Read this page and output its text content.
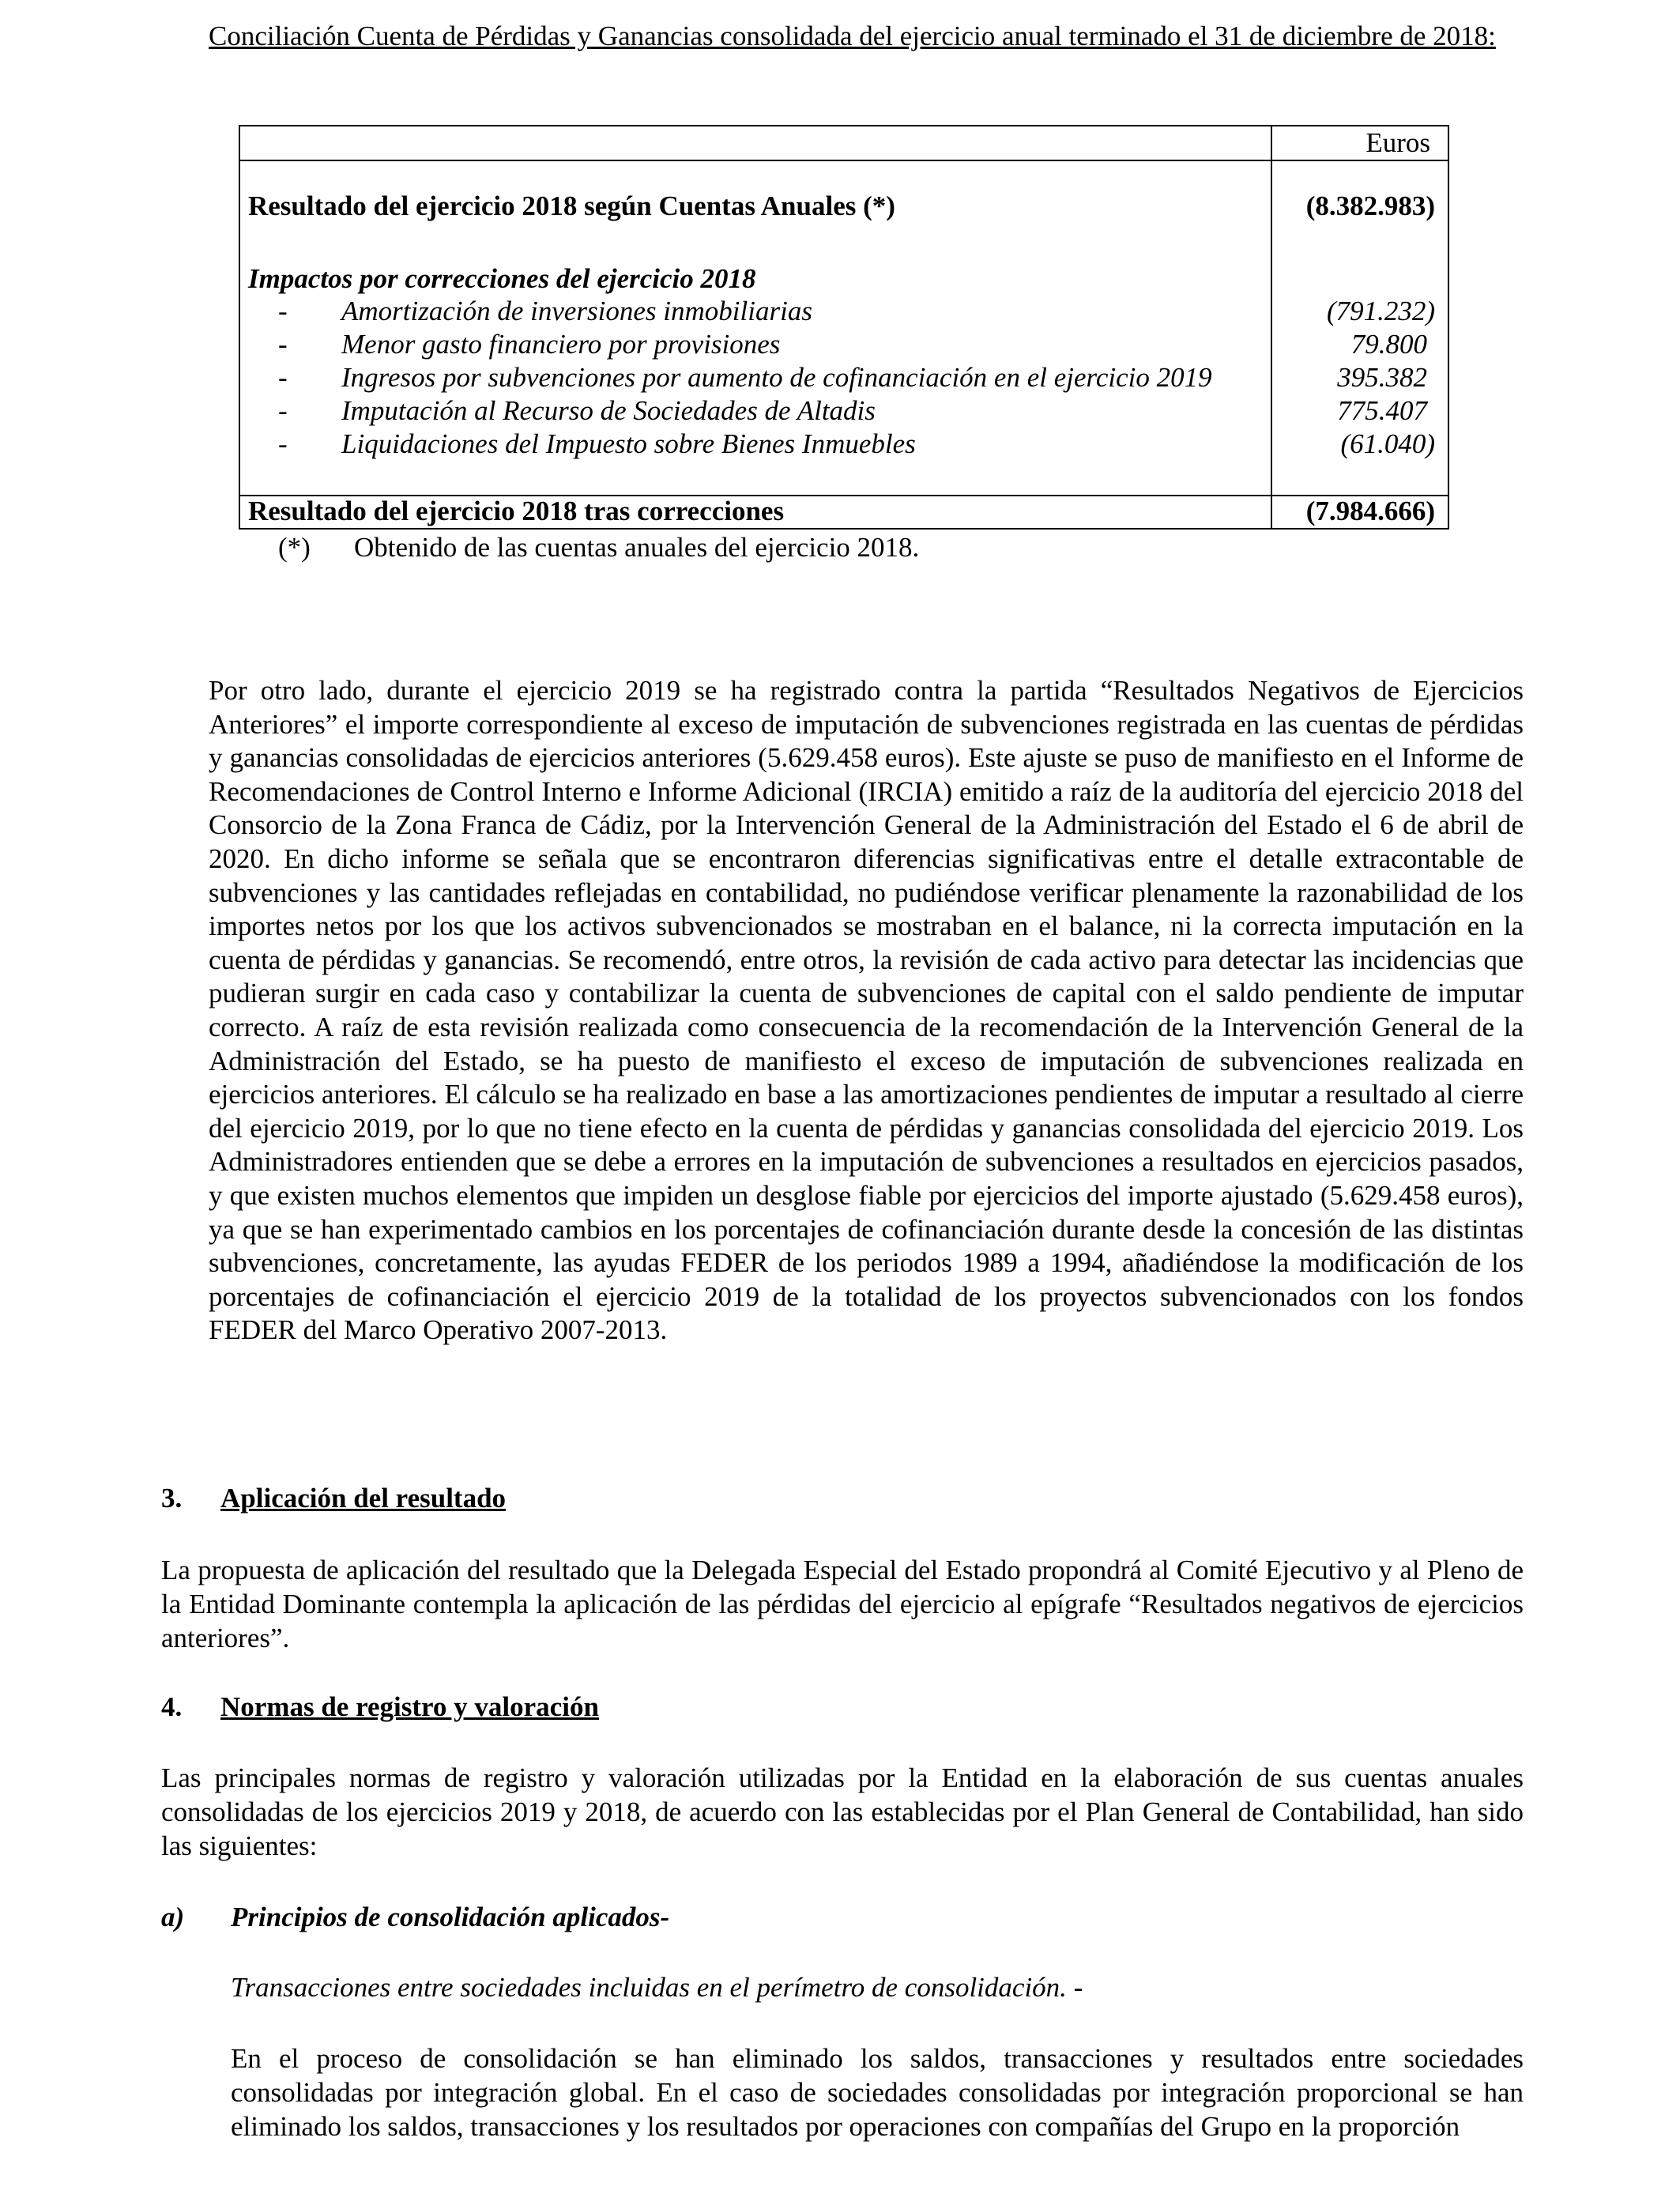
Conciliación Cuenta de Pérdidas y Ganancias consolidada del ejercicio anual terminado el 31 de diciembre de 2018:
Euros
Resultado del ejercicio 2018 según Cuentas Anuales (*)	(8.382.983)
Impactos por correcciones del ejercicio 2018
- Amortización de inversiones inmobiliarias	(791.232)
- Menor gasto financiero por provisiones	79.800
- Ingresos por subvenciones por aumento de cofinanciación en el ejercicio 2019	395.382
- Imputación al Recurso de Sociedades de Altadis	775.407
- Liquidaciones del Impuesto sobre Bienes Inmuebles	(61.040)
Resultado del ejercicio 2018 tras correcciones	(7.984.666)
(*) Obtenido de las cuentas anuales del ejercicio 2018.
Por otro lado, durante el ejercicio 2019 se ha registrado contra la partida “Resultados Negativos de Ejercicios Anteriores” el importe correspondiente al exceso de imputación de subvenciones registrada en las cuentas de pérdidas y ganancias consolidadas de ejercicios anteriores (5.629.458 euros). Este ajuste se puso de manifiesto en el Informe de Recomendaciones de Control Interno e Informe Adicional (IRCIA) emitido a raíz de la auditoría del ejercicio 2018 del Consorcio de la Zona Franca de Cádiz, por la Intervención General de la Administración del Estado el 6 de abril de 2020. En dicho informe se señala que se encontraron diferencias significativas entre el detalle extracontable de subvenciones y las cantidades reflejadas en contabilidad, no pudiéndose verificar plenamente la razonabilidad de los importes netos por los que los activos subvencionados se mostraban en el balance, ni la correcta imputación en la cuenta de pérdidas y ganancias. Se recomendó, entre otros, la revisión de cada activo para detectar las incidencias que pudieran surgir en cada caso y contabilizar la cuenta de subvenciones de capital con el saldo pendiente de imputar correcto. A raíz de esta revisión realizada como consecuencia de la recomendación de la Intervención General de la Administración del Estado, se ha puesto de manifiesto el exceso de imputación de subvenciones realizada en ejercicios anteriores. El cálculo se ha realizado en base a las amortizaciones pendientes de imputar a resultado al cierre del ejercicio 2019, por lo que no tiene efecto en la cuenta de pérdidas y ganancias consolidada del ejercicio 2019. Los Administradores entienden que se debe a errores en la imputación de subvenciones a resultados en ejercicios pasados, y que existen muchos elementos que impiden un desglose fiable por ejercicios del importe ajustado (5.629.458 euros), ya que se han experimentado cambios en los porcentajes de cofinanciación durante desde la concesión de las distintas subvenciones, concretamente, las ayudas FEDER de los periodos 1989 a 1994, añadiéndose la modificación de los porcentajes de cofinanciación el ejercicio 2019 de la totalidad de los proyectos subvencionados con los fondos FEDER del Marco Operativo 2007-2013.
3. Aplicación del resultado
La propuesta de aplicación del resultado que la Delegada Especial del Estado propondrá al Comité Ejecutivo y al Pleno de la Entidad Dominante contempla la aplicación de las pérdidas del ejercicio al epígrafe “Resultados negativos de ejercicios anteriores”.
4. Normas de registro y valoración
Las principales normas de registro y valoración utilizadas por la Entidad en la elaboración de sus cuentas anuales consolidadas de los ejercicios 2019 y 2018, de acuerdo con las establecidas por el Plan General de Contabilidad, han sido las siguientes:
a) Principios de consolidación aplicados-
Transacciones entre sociedades incluidas en el perímetro de consolidación. -
En el proceso de consolidación se han eliminado los saldos, transacciones y resultados entre sociedades consolidadas por integración global. En el caso de sociedades consolidadas por integración proporcional se han eliminado los saldos, transacciones y los resultados por operaciones con compañías del Grupo en la proporción
